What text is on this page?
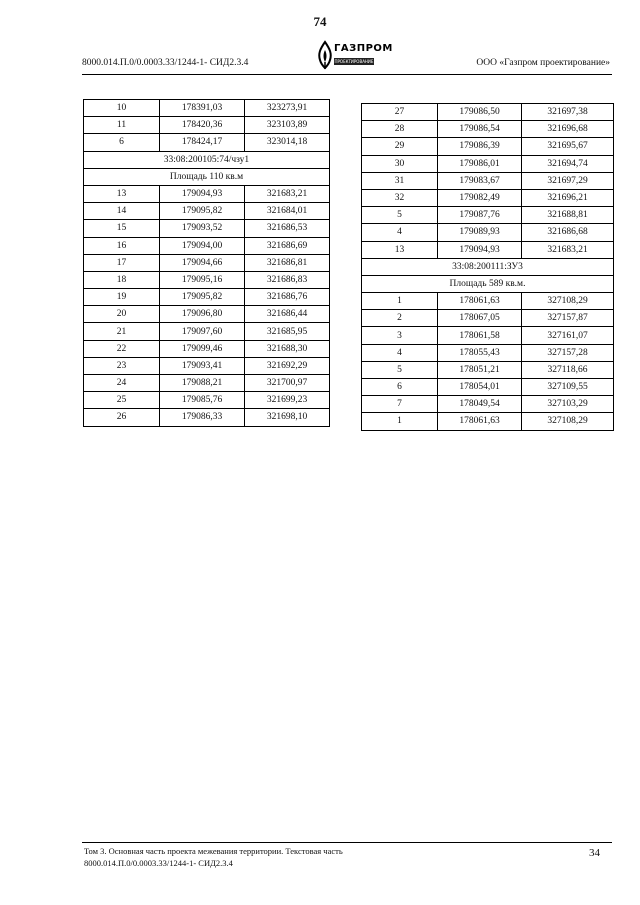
74
8000.014.П.0/0.0003.33/1244-1- СИД2.3.4
ГАЗПРОМ
ПРОЕКТИРОВАНИЕ	ООО «Газпром проектирование»
10	178391,03	323273,91
11	178420,36	323103,89
6	178424,17	323014,18
33:08:200105:74/чзу1		
Площадь 110 кв.м		
13	179094,93	321683,21
14	179095,82	321684,01
15	179093,52	321686,53
16	179094,00	321686,69
17	179094,66	321686,81
18	179095,16	321686,83
19	179095,82	321686,76
20	179096,80	321686,44
21	179097,60	321685,95
22	179099,46	321688,30
23	179093,41	321692,29
24	179088,21	321700,97
25	179085,76	321699,23
26	179086,33	321698,10
27	179086,50	321697,38
28	179086,54	321696,68
29	179086,39	321695,67
30	179086,01	321694,74
31	179083,67	321697,29
32	179082,49	321696,21
5	179087,76	321688,81
4	179089,93	321686,68
13	179094,93	321683,21
33:08:200111:ЗУ3		
Площадь 589 кв.м.		
1	178061,63	327108,29
2	178067,05	327157,87
3	178061,58	327161,07
4	178055,43	327157,28
5	178051,21	327118,66
6	178054,01	327109,55
7	178049,54	327103,29
1	178061,63	327108,29
Том 3. Основная часть проекта межевания территории. Текстовая часть
8000.014.П.0/0.0003.33/1244-1- СИД2.3.4
34
